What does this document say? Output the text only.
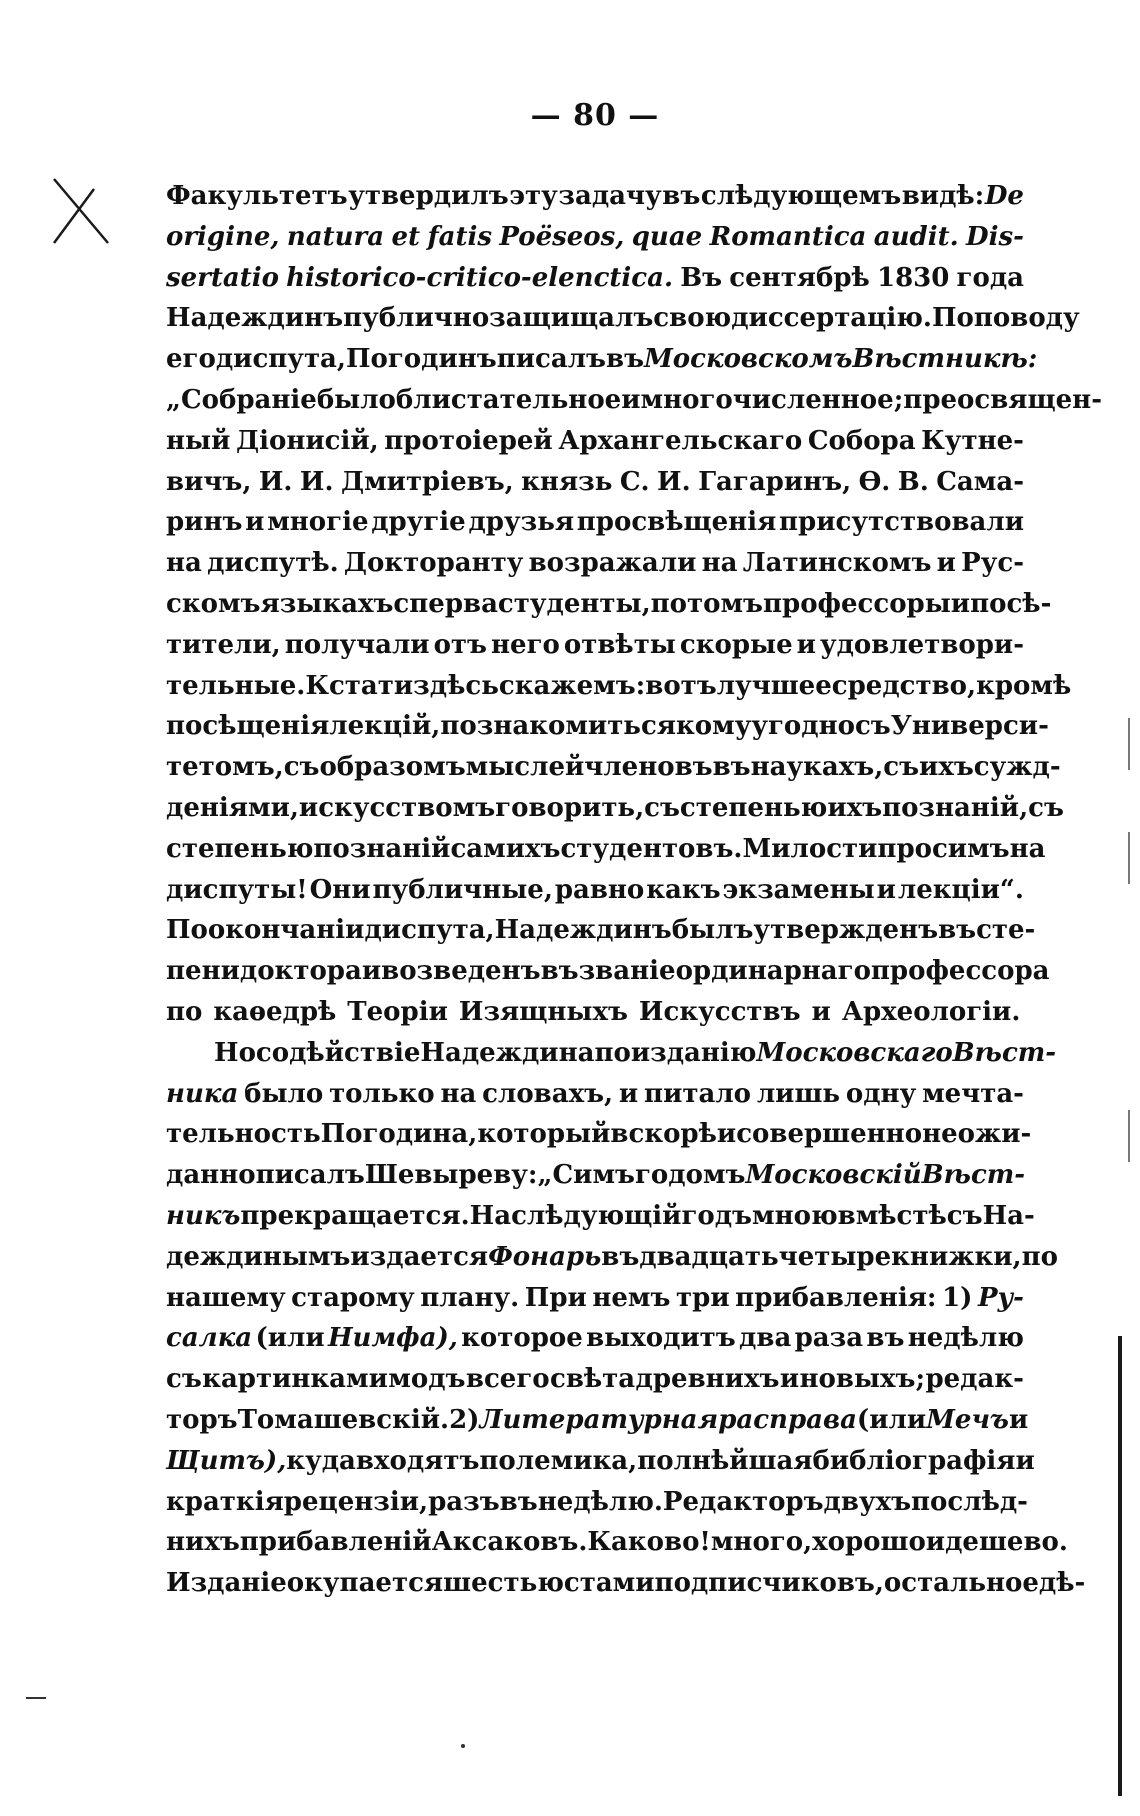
— 80 —
Факультетъ утвердилъ эту задачу въ слѣдующемъ видѣ: De
origine, natura et fatis Poëseos, quae Romantica audit. Dis-
sertatio historico-critico-elenctica. Въ сентябрѣ 1830 года
Надеждинъ публично защищалъ свою диссертацію. По поводу
его диспута, Погодинъ писалъ въ Московскомъ Вѣстникѣ:
„Собраніе было блистательное и многочисленное; преосвящен-
ный Діонисій, протоіерей Архангельскаго Собора Кутне-
вичъ, И. И. Дмитріевъ, князь С. И. Гагаринъ, Ѳ. В. Сама-
ринъ и многіе другіе друзья просвѣщенія присутствовали
на диспутѣ. Докторанту возражали на Латинскомъ и Рус-
скомъ языкахъ сперва студенты, потомъ профессоры и посѣ-
тители, получали отъ него отвѣты скорые и удовлетвори-
тельные. Кстати здѣсь скажемъ: вотъ лучшее средство, кромѣ
посѣщенія лекцій, познакомиться кому угодно съ Универси-
тетомъ, съ образомъ мыслей членовъ въ наукахъ, съ ихъ сужд-
деніями, искусствомъ говорить, съ степенью ихъ познаній, съ
степенью познаній самихъ студентовъ. Милости просимъ на
диспуты! Они публичные, равно какъ экзамены и лекціи“.
По окончаніи диспута, Надеждинъ былъ утвержденъ въ сте-
пени доктора и возведенъ въ званіе ординарнаго профессора
по каѳедрѣ Теоріи Изящныхъ Искусствъ и Археологіи.
Но содѣйствіе Надеждина по изданію Московскаго Вѣст-
ника было только на словахъ, и питало лишь одну мечта-
тельность Погодина, который вскорѣ и совершенно неожи-
данно писалъ Шевыреву: „Симъ годомъ Московскій Вѣст-
никъ прекращается. На слѣдующій годъ мною вмѣстѣ съ На-
деждинымъ издается Фонарь въ двадцать четыре книжки, по
нашему старому плану. При немъ три прибавленія: 1) Ру-
салка (или Нимфа), которое выходитъ два раза въ недѣлю
съ картинками модъ всего свѣта древнихъ и новыхъ; редак-
торъ Томашевскій. 2) Литературная расправа (или Мечъ и
Щитъ), куда входятъ полемика, полнѣйшая библіографія и
краткія рецензіи, разъ въ недѣлю. Редакторъ двухъ послѣд-
нихъ прибавленій Аксаковъ. Каково! много, хорошо и дешево.
Изданіе окупается шестью стами подписчиковъ, остальное дѣ-
